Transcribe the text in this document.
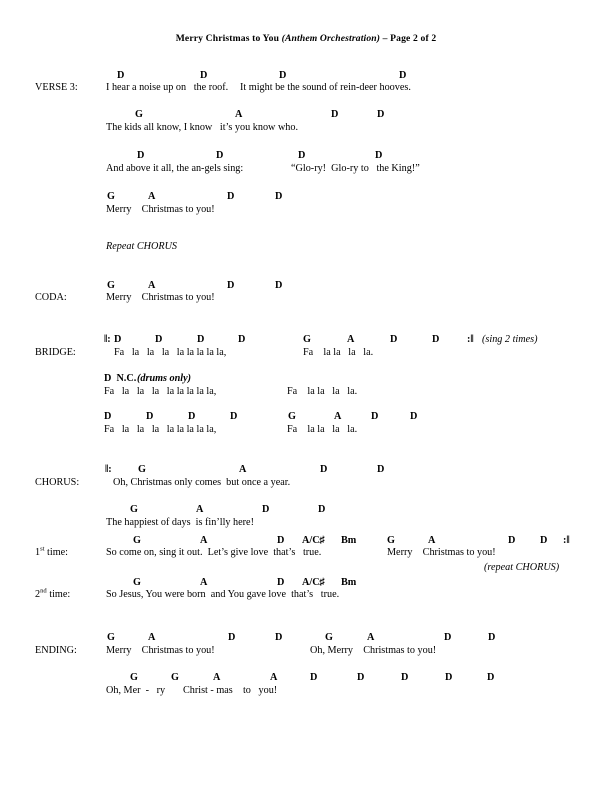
Merry Christmas to You (Anthem Orchestration) – Page 2 of 2
VERSE 3:
D	D	D	D
I hear a noise up on   the roof. It might be the sound of rein-deer hooves.
G	A	D	D
The kids all know, I know   it’s you know who.
D	D	D	D
And above it all, the an-gels sing:	“Glo-ry!  Glo-ry to   the King!”
G	A	D	D
Merry    Christmas to you!
Repeat CHORUS
CODA:
G	A	D	D
Merry    Christmas to you!
BRIDGE:
‖: D	D	D	D	G	A	D	D	:‖ (sing 2 times)
Fa   la   la   la   la la la la la,	Fa    la la   la   la.
D  N.C.
(drums only)
Fa   la   la   la   la la la la la,	Fa    la la   la   la.
D	D	D	D	G	A	D	D
Fa   la   la   la   la la la la la,	Fa    la la   la   la.
CHORUS:
‖:	G	A	D	D
Oh, Christmas only comes  but once a year.
G	A	D	D
The happiest of days  is fin’lly here!
1st time:
G	A	D A/C♯ Bm	G	A	D D :‖
So come on, sing it out.  Let’s give love  that’s   true.	Merry    Christmas to you!
(repeat CHORUS)
2nd time:
G	A	D A/C♯ Bm
So Jesus, You were born  and You gave love  that’s   true.
ENDING:
G	A	D	D	G	A	D	D
Merry    Christmas to you!	Oh, Merry    Christmas to you!
G	G	A	A	D	D	D	D	D
Oh, Mer  -   ry       Christ - mas    to   you!
